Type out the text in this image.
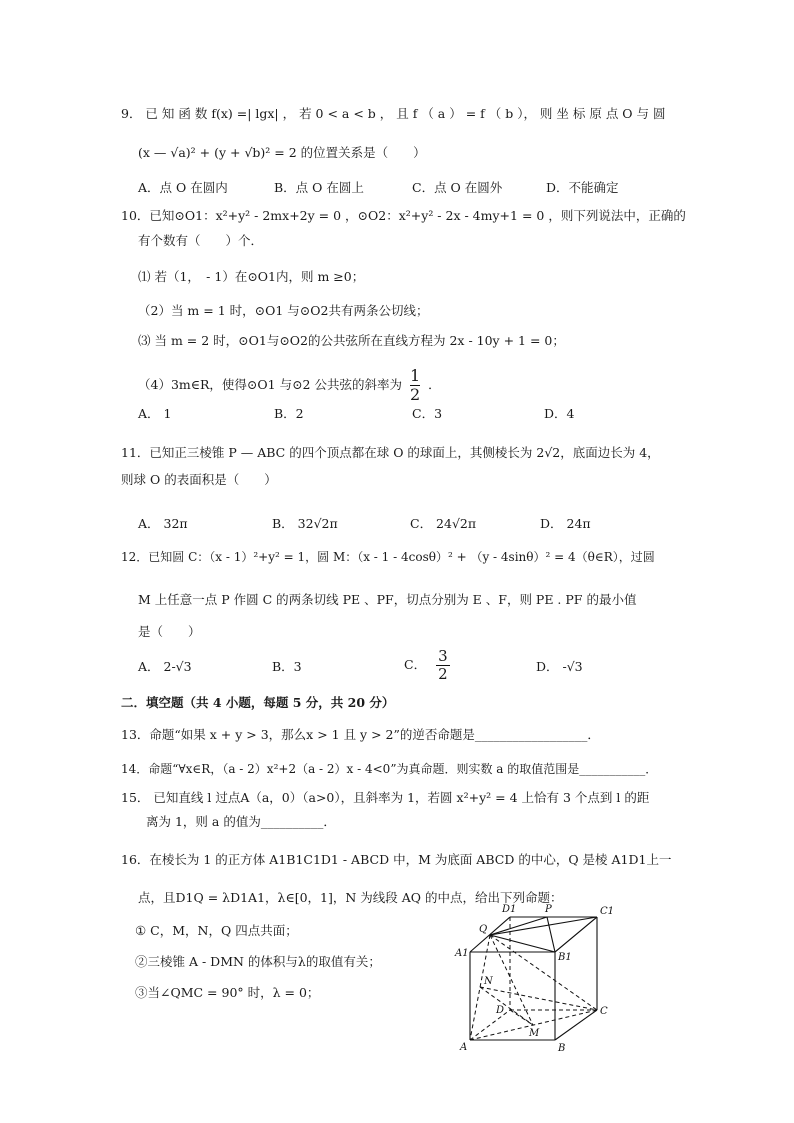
9． 已 知 函 数 f(x) =| lgx| ， 若 0 < a < b ， 且 f （ a ） = f （ b ）， 则 坐 标 原 点 O 与 圆
(x — √a)² + (y + √b)² = 2 的位置关系是（　　）
A．点 O 在圆内	B．点 O 在圆上	C．点 O 在圆外	D．不能确定
10．已知⊙O1：x²+y² - 2mx+2y = 0 ，⊙O2：x²+y² - 2x - 4my+1 = 0 ，则下列说法中，正确的
有个数有（　　）个．
⑴ 若（1，　- 1）在⊙O1内，则 m ≥0；
（2）当 m = 1 时，⊙O1 与⊙O2共有两条公切线；
⑶ 当 m = 2 时，⊙O1与⊙O2的公共弦所在直线方程为 2x - 10y + 1 = 0；
（4）3m∈R，使得⊙O1 与⊙2 公共弦的斜率为 $\frac{1}{2}$ ．
A． 1	B．2	C．3	D．4
11．已知正三棱锥 P — ABC 的四个顶点都在球 O 的球面上，其侧棱长为 2√2，底面边长为 4，
则球 O 的表面积是（　　）
A． 32π	B． 32√2π	C． 24√2π	D． 24π
12．已知圆 C：（x - 1）²+y² = 1，圆 M：（x - 1 - 4cosθ）² + （y - 4sinθ）² = 4（θ∈R），过圆
M 上任意一点 P 作圆 C 的两条切线 PE 、PF，切点分别为 E 、F，则 PE . PF 的最小值
是（　　）
A． 2-√3	B．3	C． $\frac{3}{2}$	D． -√3
二．填空题（共 4 小题，每题 5 分，共 20 分）
13．命题“如果 x + y > 3，那么x > 1 且 y > 2”的逆否命题是__________________．
14．命题“∀x∈R，（a - 2）x²+2（a - 2）x - 4<0”为真命题．则实数 a 的取值范围是___________．
15． 已知直线 l 过点A（a，0）（a>0），且斜率为 1，若圆 x²+y² = 4 上恰有 3 个点到 l 的距
离为 1，则 a 的值为__________．
16．在棱长为 1 的正方体 A1B1C1D1 - ABCD 中，M 为底面 ABCD 的中心，Q 是棱 A1D1上一
点，且D1Q = λD1A1，λ∈[0，1]，N 为线段 AQ 的中点，给出下列命题：
① C，M，N，Q 四点共面；
②三棱锥 A - DMN 的体积与λ的取值有关；
③当∠QMC = 90° 时，λ = 0；
D1	P	C1
Q
A1	B1
N
D
M
C
A	B
